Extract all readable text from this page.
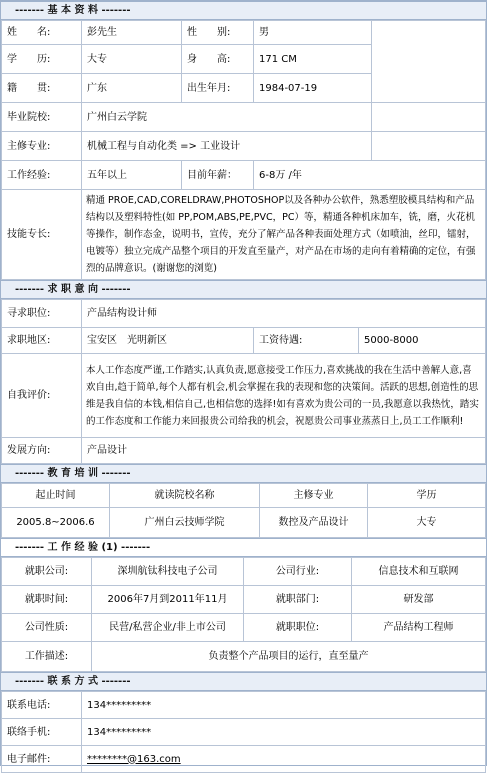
------- 基 本 资 料 -------
姓　　名:	彭先生	性　　别:	男	
学　　历:	大专	身　　高:	171 CM	
籍　　贯:	广东	出生年月:	1984-07-19	
毕业院校:	广州白云学院			
主修专业:	机械工程与自动化类 => 工业设计			
工作经验:	五年以上	目前年薪：	6-8万 /年	
技能专长:	精通 PROE,CAD,CORELDRAW,PHOTOSHOP以及各种办公软件，熟悉塑胶模具结构和产品结构以及塑料特性(如 PP,POM,ABS,PE,PVC，PC）等，精通各种机床加车，铣，磨，火花机等操作，制作态金，说明书，宣传，充分了解产品各种表面处理方式（如喷油，丝印，镭射，电镀等）独立完成产品整个项目的开发直至量产，对产品在市场的走向有着精确的定位，有强烈的品牌意识。(谢谢您的浏览)			
------- 求 职 意 向 -------
寻求职位:	产品结构设计师		
求职地区:	宝安区　光明新区	工资待遇:	5000-8000
自我评价:	本人工作态度严谨,工作踏实,认真负责,愿意接受工作压力,喜欢挑战的我在生活中善解人意,喜欢自由,趋于简单,每个人都有机会,机会掌握在我的表现和您的决策间。活跃的思想,创造性的思维是我自信的本钱,相信自己,也相信您的选择!如有喜欢为贵公司的一员,我愿意以我热忱，踏实的工作态度和工作能力来回报贵公司给我的机会，祝愿贵公司事业蒸蒸日上,员工工作顺利!		
发展方向:	产品设计		
------- 教 育 培 训 -------
起止时间	就读院校名称	主修专业	学历
2005.8~2006.6	广州白云技师学院	数控及产品设计	大专
------- 工 作 经 验 (1) -------
就职公司:	深圳航钛科技电子公司	公司行业:	信息技术和互联网
就职时间:	2006年7月到2011年11月	就职部门:	研发部
公司性质:	民营/私营企业/非上市公司	就职职位:	产品结构工程师
工作描述:	负责整个产品项目的运行，直至量产		
------- 联 系 方 式 -------
联系电话:	134*********
联络手机:	134*********
电子邮件:	********@163.com
